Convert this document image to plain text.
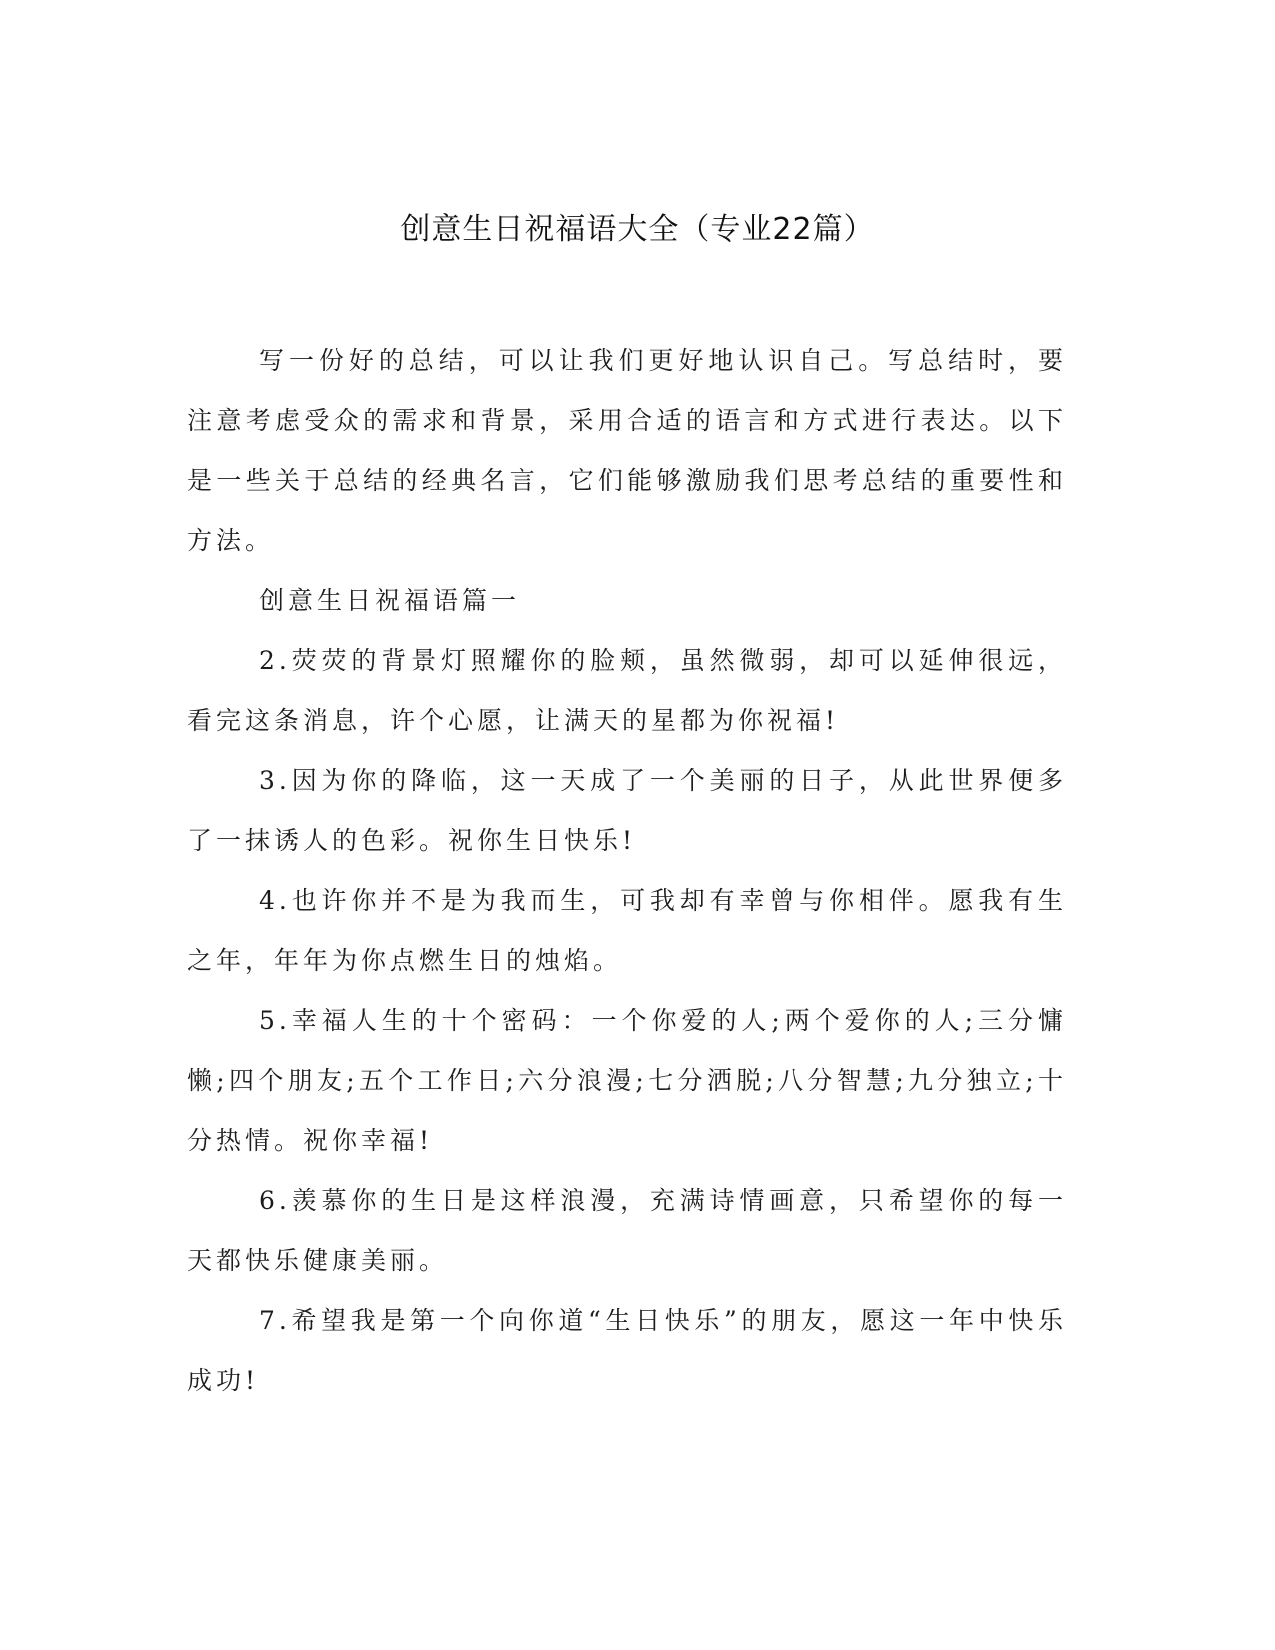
创意生日祝福语大全（专业22篇）

写一份好的总结，可以让我们更好地认识自己。写总结时，要注意考虑受众的需求和背景，采用合适的语言和方式进行表达。以下是一些关于总结的经典名言，它们能够激励我们思考总结的重要性和方法。

创意生日祝福语篇一

2.荧荧的背景灯照耀你的脸颊，虽然微弱，却可以延伸很远，看完这条消息，许个心愿，让满天的星都为你祝福!

3.因为你的降临，这一天成了一个美丽的日子，从此世界便多了一抹诱人的色彩。祝你生日快乐!

4.也许你并不是为我而生，可我却有幸曾与你相伴。愿我有生之年，年年为你点燃生日的烛焰。

5.幸福人生的十个密码：一个你爱的人;两个爱你的人;三分慵懒;四个朋友;五个工作日;六分浪漫;七分洒脱;八分智慧;九分独立;十分热情。祝你幸福!

6.羡慕你的生日是这样浪漫，充满诗情画意，只希望你的每一天都快乐健康美丽。

7.希望我是第一个向你道“生日快乐”的朋友，愿这一年中快乐成功!
